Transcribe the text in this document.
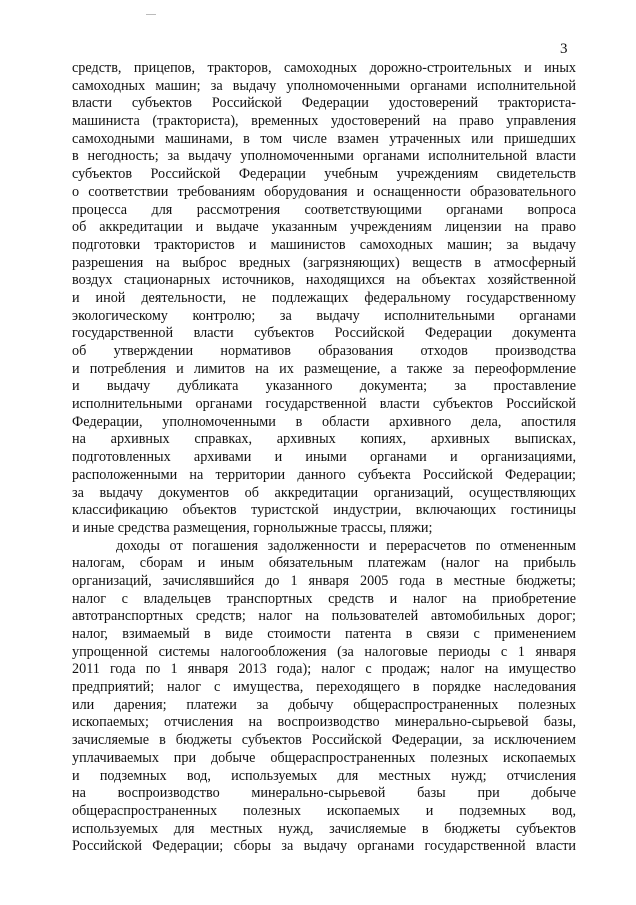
3
средств, прицепов, тракторов, самоходных дорожно-строительных и иных
самоходных машин; за выдачу уполномоченными органами исполнительной
власти субъектов Российской Федерации удостоверений тракториста-
машиниста (тракториста), временных удостоверений на право управления
самоходными машинами, в том числе взамен утраченных или пришедших
в негодность; за выдачу уполномоченными органами исполнительной власти
субъектов Российской Федерации учебным учреждениям свидетельств
о соответствии требованиям оборудования и оснащенности образовательного
процесса для рассмотрения соответствующими органами вопроса
об аккредитации и выдаче указанным учреждениям лицензии на право
подготовки трактористов и машинистов самоходных машин; за выдачу
разрешения на выброс вредных (загрязняющих) веществ в атмосферный
воздух стационарных источников, находящихся на объектах хозяйственной
и иной деятельности, не подлежащих федеральному государственному
экологическому контролю; за выдачу исполнительными органами
государственной власти субъектов Российской Федерации документа
об утверждении нормативов образования отходов производства
и потребления и лимитов на их размещение, а также за переоформление
и выдачу дубликата указанного документа; за проставление
исполнительными органами государственной власти субъектов Российской
Федерации, уполномоченными в области архивного дела, апостиля
на архивных справках, архивных копиях, архивных выписках,
подготовленных архивами и иными органами и организациями,
расположенными на территории данного субъекта Российской Федерации;
за выдачу документов об аккредитации организаций, осуществляющих
классификацию объектов туристской индустрии, включающих гостиницы
и иные средства размещения, горнолыжные трассы, пляжи;
доходы от погашения задолженности и перерасчетов по отмененным
налогам, сборам и иным обязательным платежам (налог на прибыль
организаций, зачислявшийся до 1 января 2005 года в местные бюджеты;
налог с владельцев транспортных средств и налог на приобретение
автотранспортных средств; налог на пользователей автомобильных дорог;
налог, взимаемый в виде стоимости патента в связи с применением
упрощенной системы налогообложения (за налоговые периоды с 1 января
2011 года по 1 января 2013 года); налог с продаж; налог на имущество
предприятий; налог с имущества, переходящего в порядке наследования
или дарения; платежи за добычу общераспространенных полезных
ископаемых; отчисления на воспроизводство минерально-сырьевой базы,
зачисляемые в бюджеты субъектов Российской Федерации, за исключением
уплачиваемых при добыче общераспространенных полезных ископаемых
и подземных вод, используемых для местных нужд; отчисления
на воспроизводство минерально-сырьевой базы при добыче
общераспространенных полезных ископаемых и подземных вод,
используемых для местных нужд, зачисляемые в бюджеты субъектов
Российской Федерации; сборы за выдачу органами государственной власти
